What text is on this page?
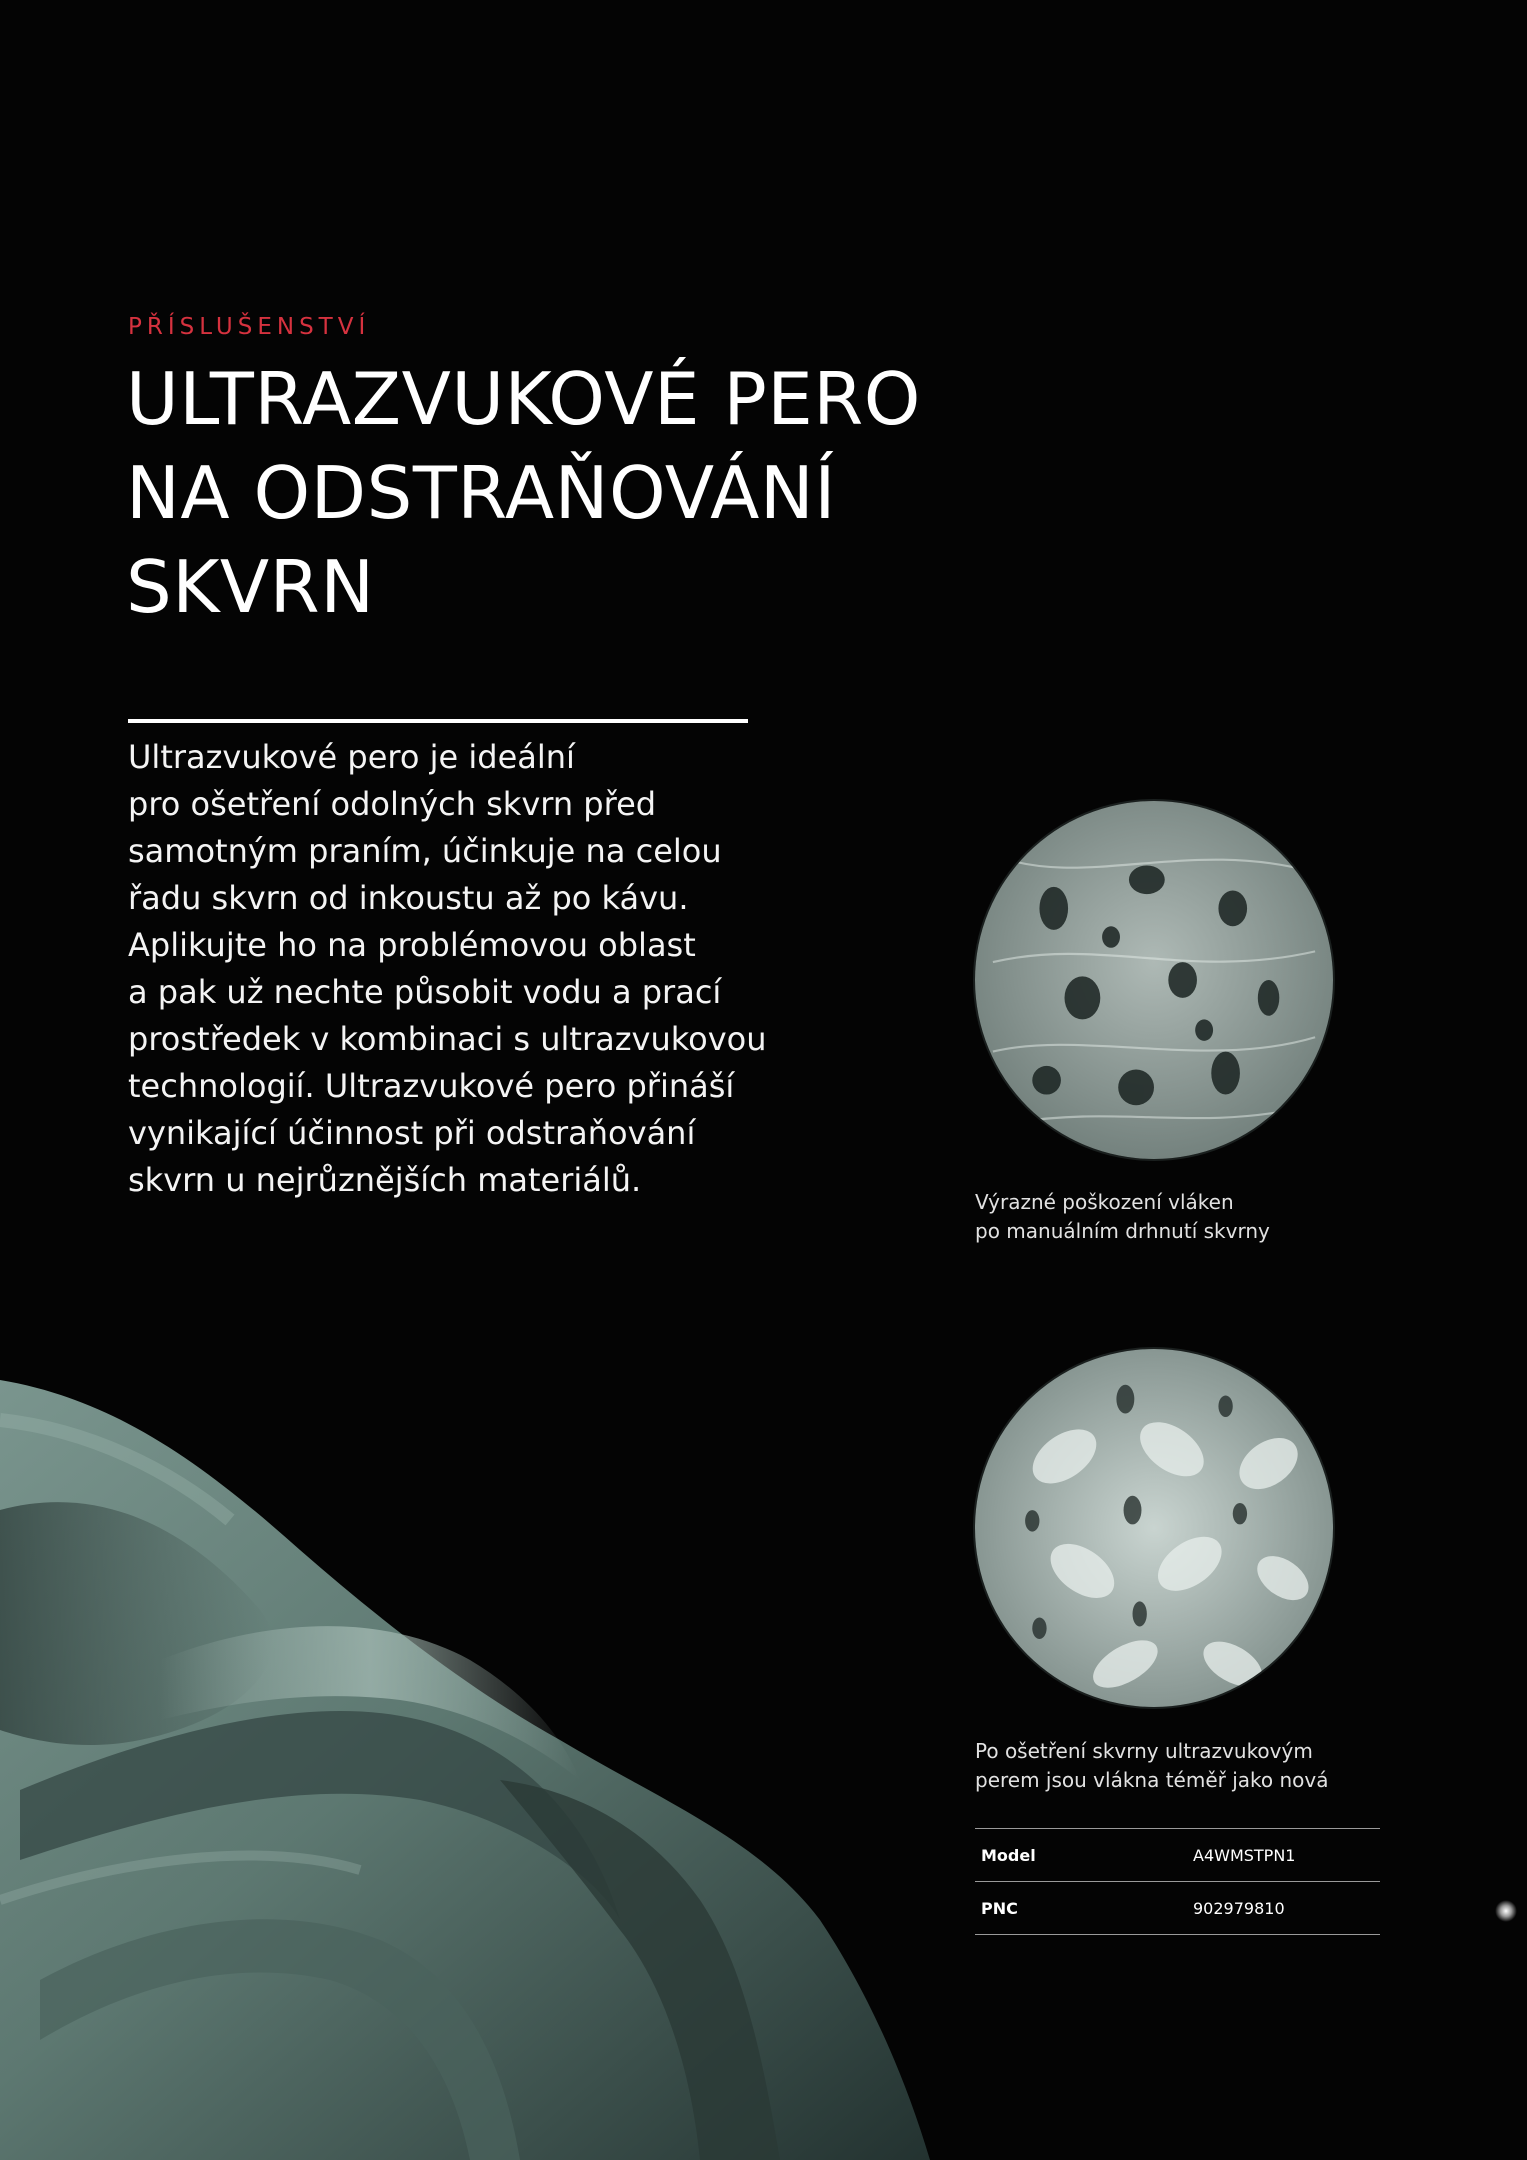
PŘÍSLUŠENSTVÍ

ULTRAZVUKOVÉ PERO
NA ODSTRAŇOVÁNÍ
SKVRN

Ultrazvukové pero je ideální
pro ošetření odolných skvrn před
samotným praním, účinkuje na celou
řadu skvrn od inkoustu až po kávu.
Aplikujte ho na problémovou oblast
a pak už nechte působit vodu a prací
prostředek v kombinaci s ultrazvukovou
technologií. Ultrazvukové pero přináší
vynikající účinnost při odstraňování
skvrn u nejrůznějších materiálů.

Výrazné poškození vláken
po manuálním drhnutí skvrny

Po ošetření skvrny ultrazvukovým
perem jsou vlákna téměř jako nová

Model	A4WMSTPN1
PNC	902979810
